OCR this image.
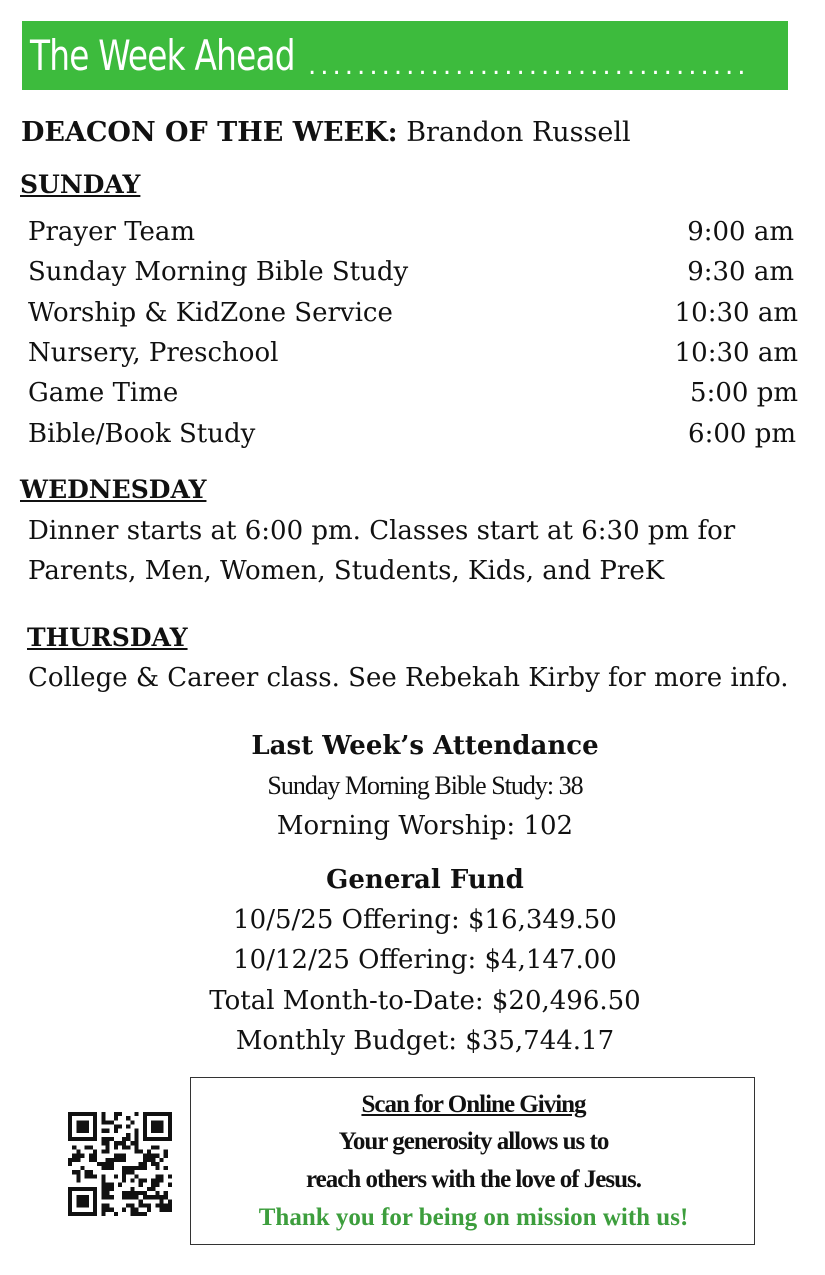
The Week Ahead ....................................
DEACON OF THE WEEK: Brandon Russell
SUNDAY
Prayer Team	9:00 am
Sunday Morning Bible Study	9:30 am
Worship & KidZone Service	10:30 am
Nursery, Preschool	10:30 am
Game Time	5:00 pm
Bible/Book Study	6:00 pm
WEDNESDAY
Dinner starts at 6:00 pm. Classes start at 6:30 pm for
Parents, Men, Women, Students, Kids, and PreK
THURSDAY
College & Career class. See Rebekah Kirby for more info.
Last Week’s Attendance
Sunday Morning Bible Study: 38
Morning Worship: 102
General Fund
10/5/25 Offering: $16,349.50
10/12/25 Offering: $4,147.00
Total Month-to-Date: $20,496.50
Monthly Budget: $35,744.17
Scan for Online Giving
Your generosity allows us to
reach others with the love of Jesus.
Thank you for being on mission with us!
